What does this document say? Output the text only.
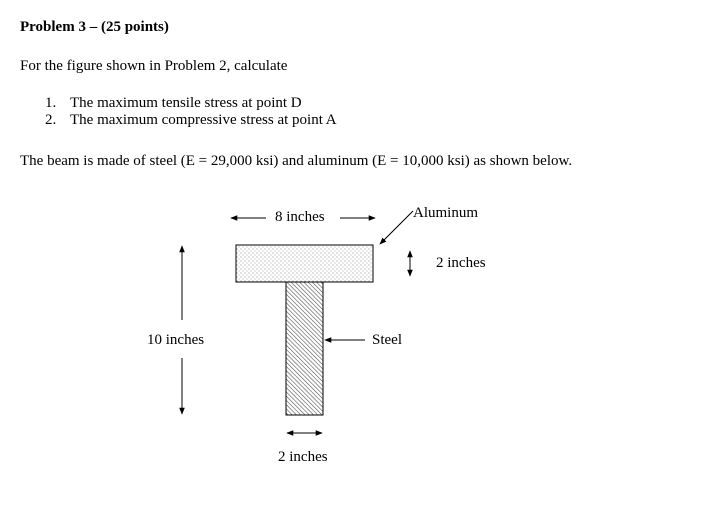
Problem 3 – (25 points)

For the figure shown in Problem 2, calculate

1. The maximum tensile stress at point D
2. The maximum compressive stress at point A

The beam is made of steel (E = 29,000 ksi) and aluminum (E = 10,000 ksi) as shown below.

8 inches	Aluminum

2 inches

10 inches	Steel

2 inches
